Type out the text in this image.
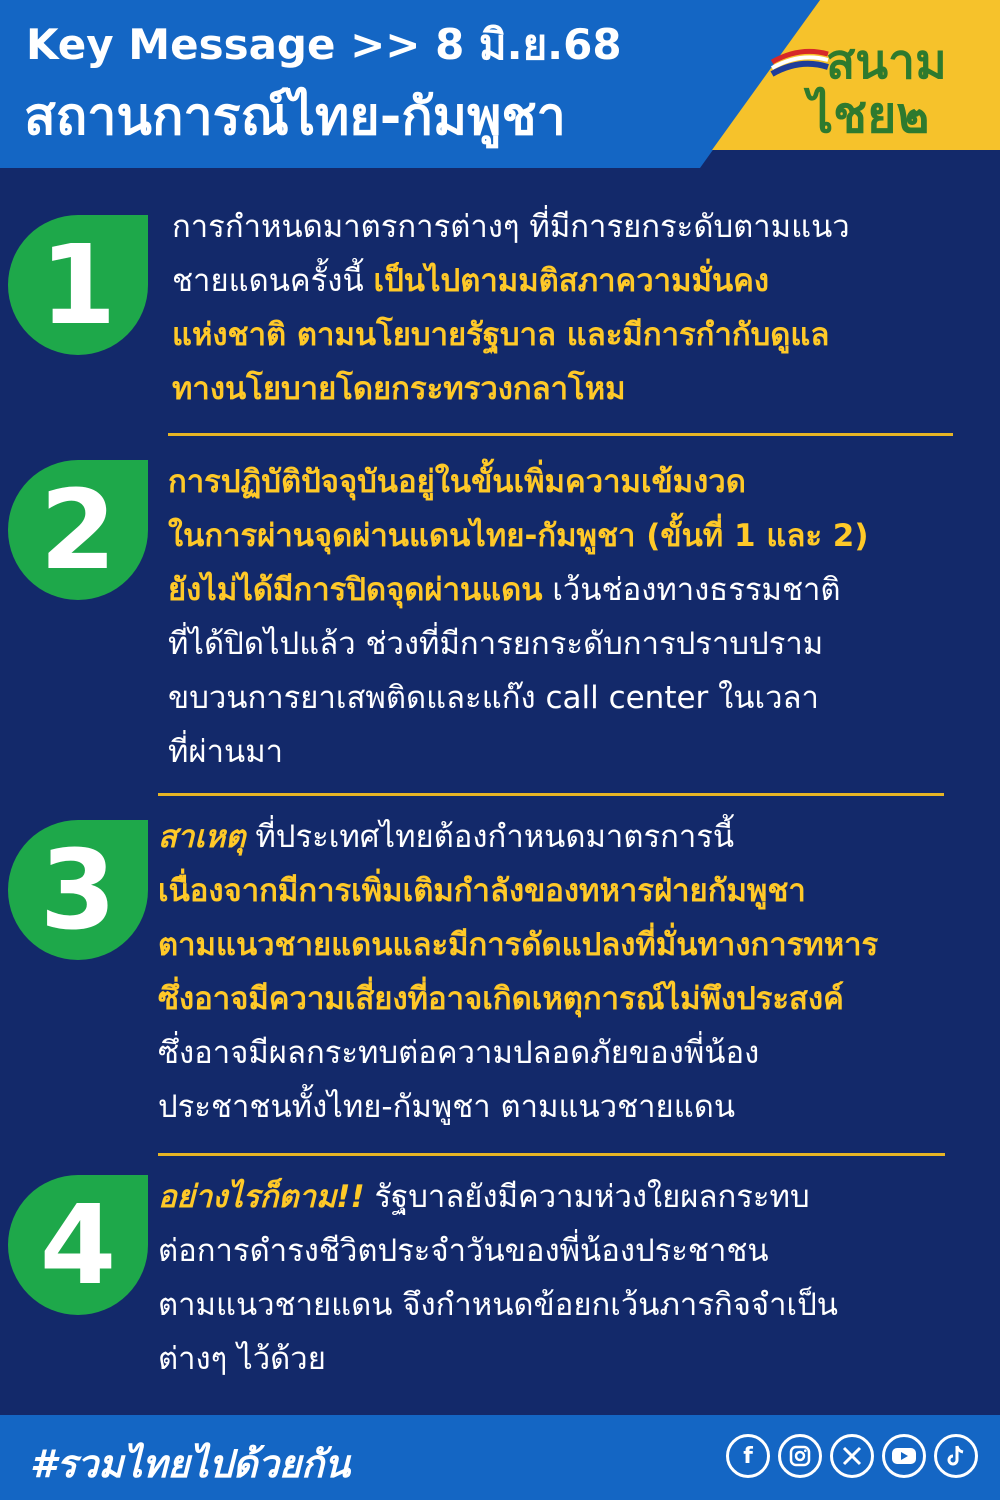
Key Message >> 8 มิ.ย.68
สถานการณ์ไทย-กัมพูชา
สนาม
ไชย๒
1	การกำหนดมาตรการต่างๆ ที่มีการยกระดับตามแนว
ชายแดนครั้งนี้ เป็นไปตามมติสภาความมั่นคง
แห่งชาติ ตามนโยบายรัฐบาล และมีการกำกับดูแล
ทางนโยบายโดยกระทรวงกลาโหม
2	การปฏิบัติปัจจุบันอยู่ในขั้นเพิ่มความเข้มงวด
ในการผ่านจุดผ่านแดนไทย-กัมพูชา (ขั้นที่ 1 และ 2)
ยังไม่ได้มีการปิดจุดผ่านแดน เว้นช่องทางธรรมชาติ
ที่ได้ปิดไปแล้ว ช่วงที่มีการยกระดับการปราบปราม
ขบวนการยาเสพติดและแก๊ง call center ในเวลา
ที่ผ่านมา
3	สาเหตุ ที่ประเทศไทยต้องกำหนดมาตรการนี้
เนื่องจากมีการเพิ่มเติมกำลังของทหารฝ่ายกัมพูชา
ตามแนวชายแดนและมีการดัดแปลงที่มั่นทางการทหาร
ซึ่งอาจมีความเสี่ยงที่อาจเกิดเหตุการณ์ไม่พึงประสงค์
ซึ่งอาจมีผลกระทบต่อความปลอดภัยของพี่น้อง
ประชาชนทั้งไทย-กัมพูชา ตามแนวชายแดน
4	อย่างไรก็ตาม!! รัฐบาลยังมีความห่วงใยผลกระทบ
ต่อการดำรงชีวิตประจำวันของพี่น้องประชาชน
ตามแนวชายแดน จึงกำหนดข้อยกเว้นภารกิจจำเป็น
ต่างๆ ไว้ด้วย
#รวมไทยไปด้วยกัน	f
